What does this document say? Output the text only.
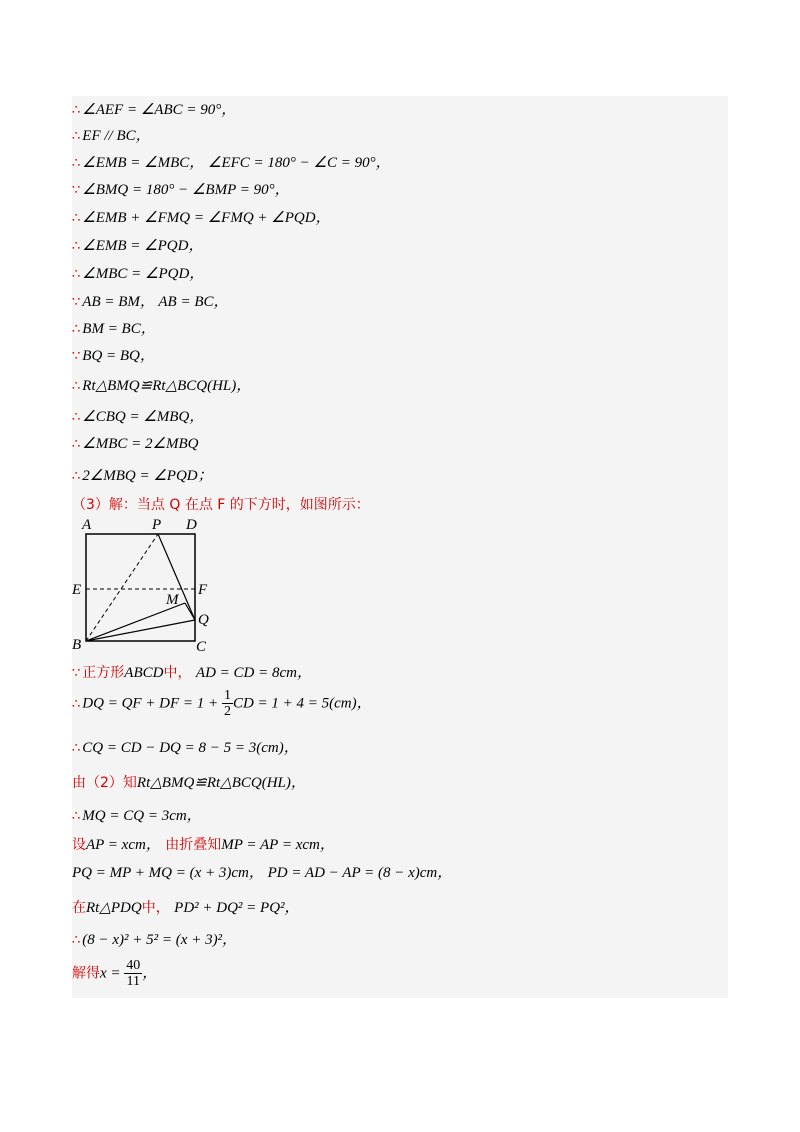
∴ ∠AEF = ∠ABC = 90°，
∴ EF // BC，
∴ ∠EMB = ∠MBC， ∠EFC = 180° − ∠C = 90°，
∵ ∠BMQ = 180° − ∠BMP = 90°，
∴ ∠EMB + ∠FMQ = ∠FMQ + ∠PQD，
∴ ∠EMB = ∠PQD，
∴ ∠MBC = ∠PQD，
∵ AB = BM， AB = BC，
∴ BM = BC，
∵ BQ = BQ，
∴ Rt△BMQ≌Rt△BCQ(HL)，
∴ ∠CBQ = ∠MBQ，
∴ ∠MBC = 2∠MBQ
∴ 2∠MBQ = ∠PQD；
（3）解：当点 Q 在点 F 的下方时，如图所示：
A	P D
E	F
M
Q
B	C
∵ 正方形ABCD中， AD = CD = 8cm，
∴ DQ = QF + DF = $1 + \frac{1}{2}$ CD = 1 + 4 = 5(cm)，
∴ CQ = CD − DQ = 8 − 5 = 3(cm)，
由（2）知Rt△BMQ≌Rt△BCQ(HL)，
∴ MQ = CQ = 3cm，
设AP = xcm， 由折叠知MP = AP = xcm，
PQ = MP + MQ = (x + 3)cm， PD = AD − AP = (8 − x)cm，
在Rt△PDQ中， PD² + DQ² = PQ²，
∴ (8 − x)² + 5² = (x + 3)²，
解得$x = \frac{40}{11}$ ，
